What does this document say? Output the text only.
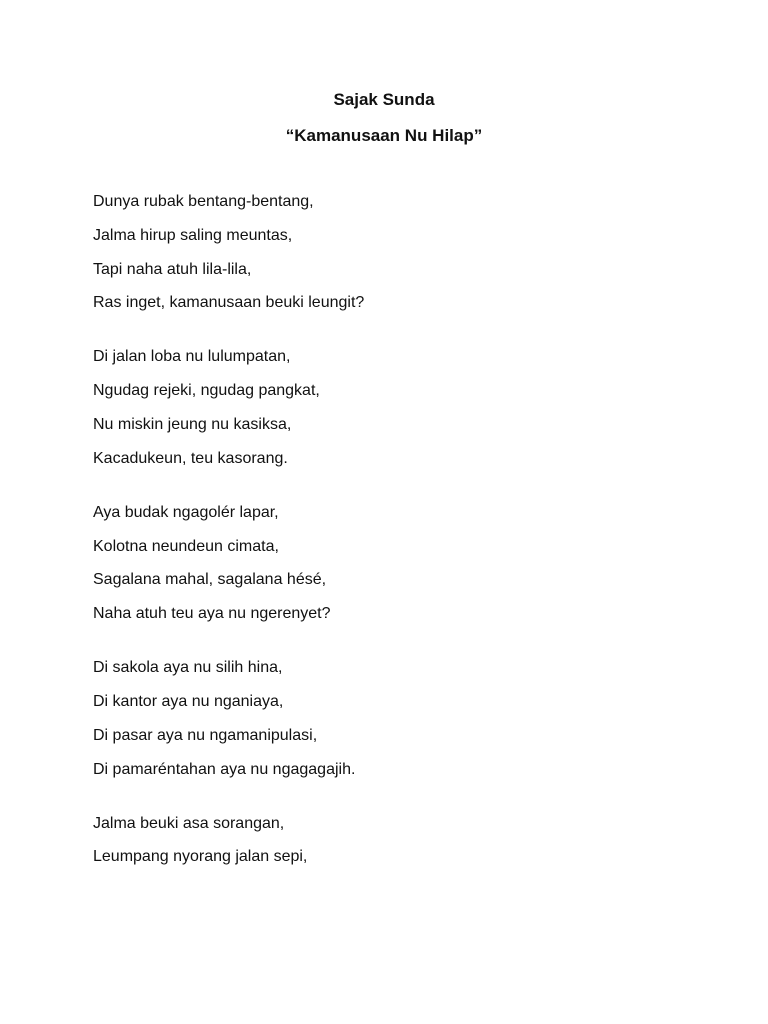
Sajak Sunda
“Kamanusaan Nu Hilap”
Dunya rubak bentang-bentang,
Jalma hirup saling meuntas,
Tapi naha atuh lila-lila,
Ras inget, kamanusaan beuki leungit?
Di jalan loba nu lulumpatan,
Ngudag rejeki, ngudag pangkat,
Nu miskin jeung nu kasiksa,
Kacadukeun, teu kasorang.
Aya budak ngagolér lapar,
Kolotna neundeun cimata,
Sagalana mahal, sagalana hésé,
Naha atuh teu aya nu ngerenyet?
Di sakola aya nu silih hina,
Di kantor aya nu nganiaya,
Di pasar aya nu ngamanipulasi,
Di pamaréntahan aya nu ngagagajih.
Jalma beuki asa sorangan,
Leumpang nyorang jalan sepi,
